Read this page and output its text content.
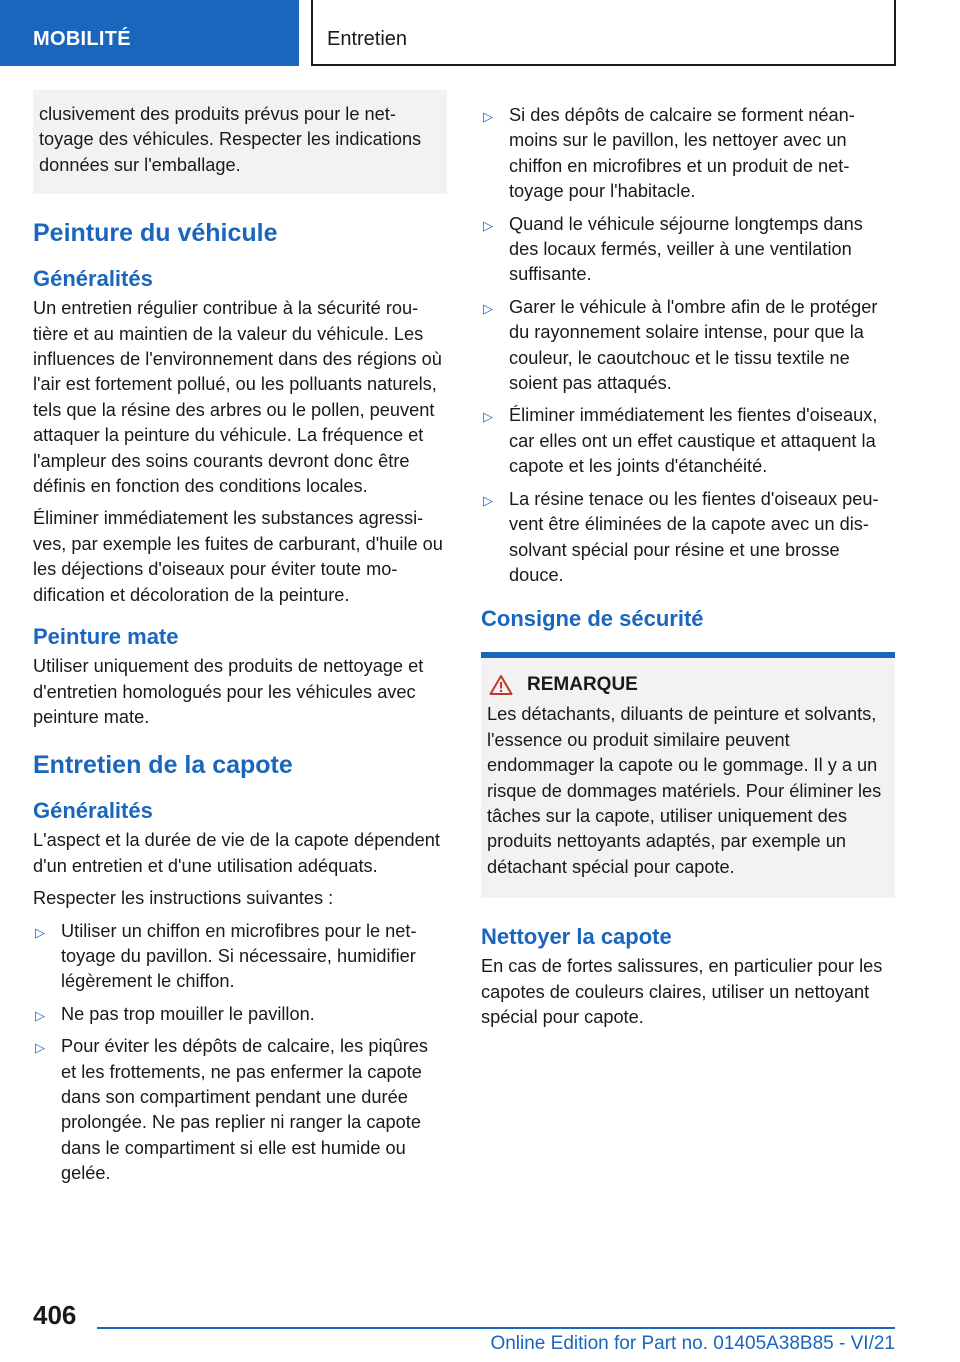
MOBILITÉ	Entretien

clusivement des produits prévus pour le nettoyage des véhicules. Respecter les indications données sur l'emballage.

Peinture du véhicule
Généralités

Un entretien régulier contribue à la sécurité routière et au maintien de la valeur du véhicule. Les influences de l'environnement dans des régions où l'air est fortement pollué, ou les polluants naturels, tels que la résine des arbres ou le pollen, peuvent attaquer la peinture du véhicule. La fréquence et l'ampleur des soins courants devront donc être définis en fonction des conditions locales.

Éliminer immédiatement les substances agressives, par exemple les fuites de carburant, d'huile ou les déjections d'oiseaux pour éviter toute modification et décoloration de la peinture.

Peinture mate

Utiliser uniquement des produits de nettoyage et d'entretien homologués pour les véhicules avec peinture mate.

Entretien de la capote
Généralités

L'aspect et la durée de vie de la capote dépendent d'un entretien et d'une utilisation adéquats.

Respecter les instructions suivantes :

▷ Utiliser un chiffon en microfibres pour le nettoyage du pavillon. Si nécessaire, humidifier légèrement le chiffon.
▷ Ne pas trop mouiller le pavillon.
▷ Pour éviter les dépôts de calcaire, les piqûres et les frottements, ne pas enfermer la capote dans son compartiment pendant une durée prolongée. Ne pas replier ni ranger la capote dans le compartiment si elle est humide ou gelée.
▷ Si des dépôts de calcaire se forment néanmoins sur le pavillon, les nettoyer avec un chiffon en microfibres et un produit de nettoyage pour l'habitacle.
▷ Quand le véhicule séjourne longtemps dans des locaux fermés, veiller à une ventilation suffisante.
▷ Garer le véhicule à l'ombre afin de le protéger du rayonnement solaire intense, pour que la couleur, le caoutchouc et le tissu textile ne soient pas attaqués.
▷ Éliminer immédiatement les fientes d'oiseaux, car elles ont un effet caustique et attaquent la capote et les joints d'étanchéité.
▷ La résine tenace ou les fientes d'oiseaux peuvent être éliminées de la capote avec un dissolvant spécial pour résine et une brosse douce.
Consigne de sécurité
REMARQUE

Les détachants, diluants de peinture et solvants, l'essence ou produit similaire peuvent endommager la capote ou le gommage. Il y a un risque de dommages matériels. Pour éliminer les tâches sur la capote, utiliser uniquement des produits nettoyants adaptés, par exemple un détachant spécial pour capote.

Nettoyer la capote

En cas de fortes salissures, en particulier pour les capotes de couleurs claires, utiliser un nettoyant spécial pour capote.

406
Online Edition for Part no. 01405A38B85 - VI/21
